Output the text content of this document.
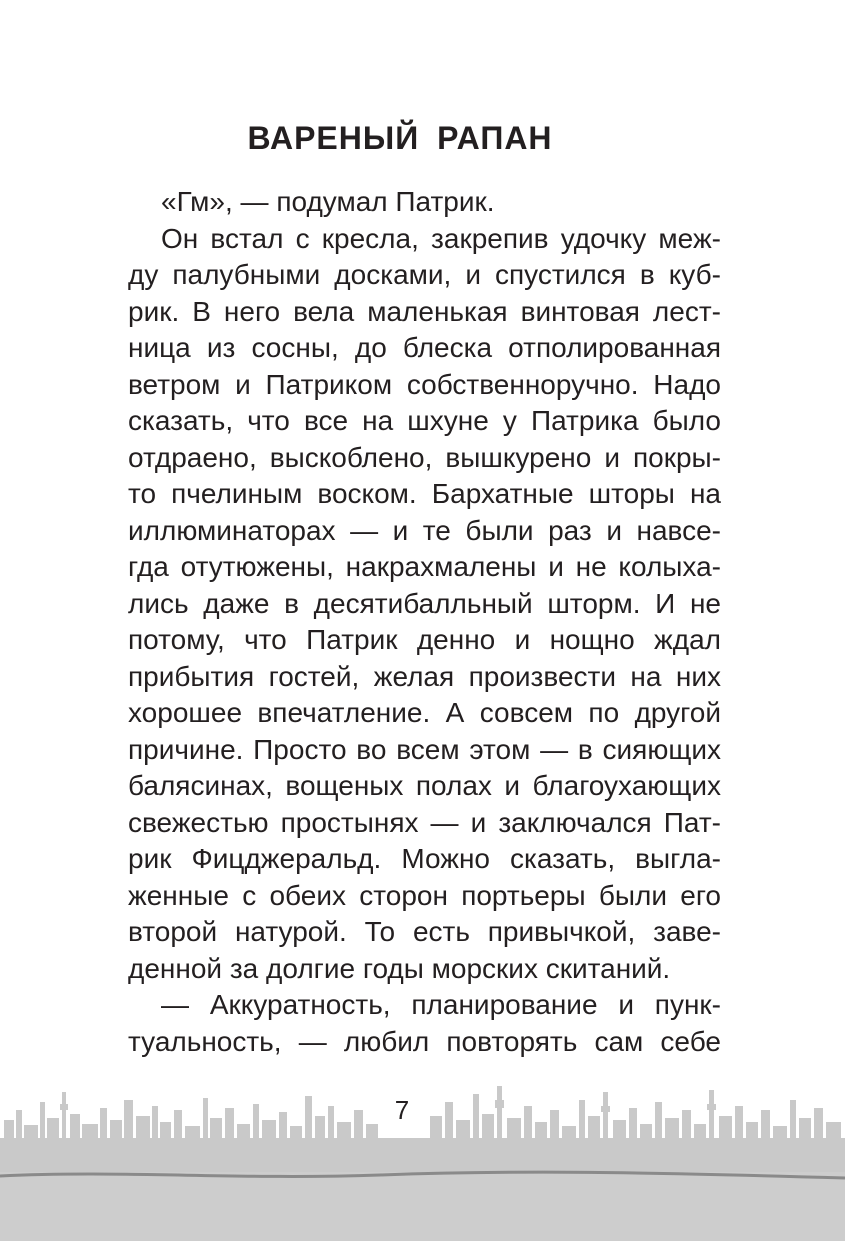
ВАРЕНЫЙ РАПАН
«Гм», — подумал Патрик.
Он встал с кресла, закрепив удочку меж-
ду палубными досками, и спустился в куб-
рик. В него вела маленькая винтовая лест-
ница из сосны, до блеска отполированная
ветром и Патриком собственноручно. Надо
сказать, что все на шхуне у Патрика было
отдраено, выскоблено, вышкурено и покры-
то пчелиным воском. Бархатные шторы на
иллюминаторах — и те были раз и навсе-
гда отутюжены, накрахмалены и не колыха-
лись даже в десятибалльный шторм. И не
потому, что Патрик денно и нощно ждал
прибытия гостей, желая произвести на них
хорошее впечатление. А совсем по другой
причине. Просто во всем этом — в сияющих
балясинах, вощеных полах и благоухающих
свежестью простынях — и заключался Пат-
рик Фицджеральд. Можно сказать, выгла-
женные с обеих сторон портьеры были его
второй натурой. То есть привычкой, заве-
денной за долгие годы морских скитаний.
— Аккуратность, планирование и пунк-
туальность, — любил повторять сам себе
7
